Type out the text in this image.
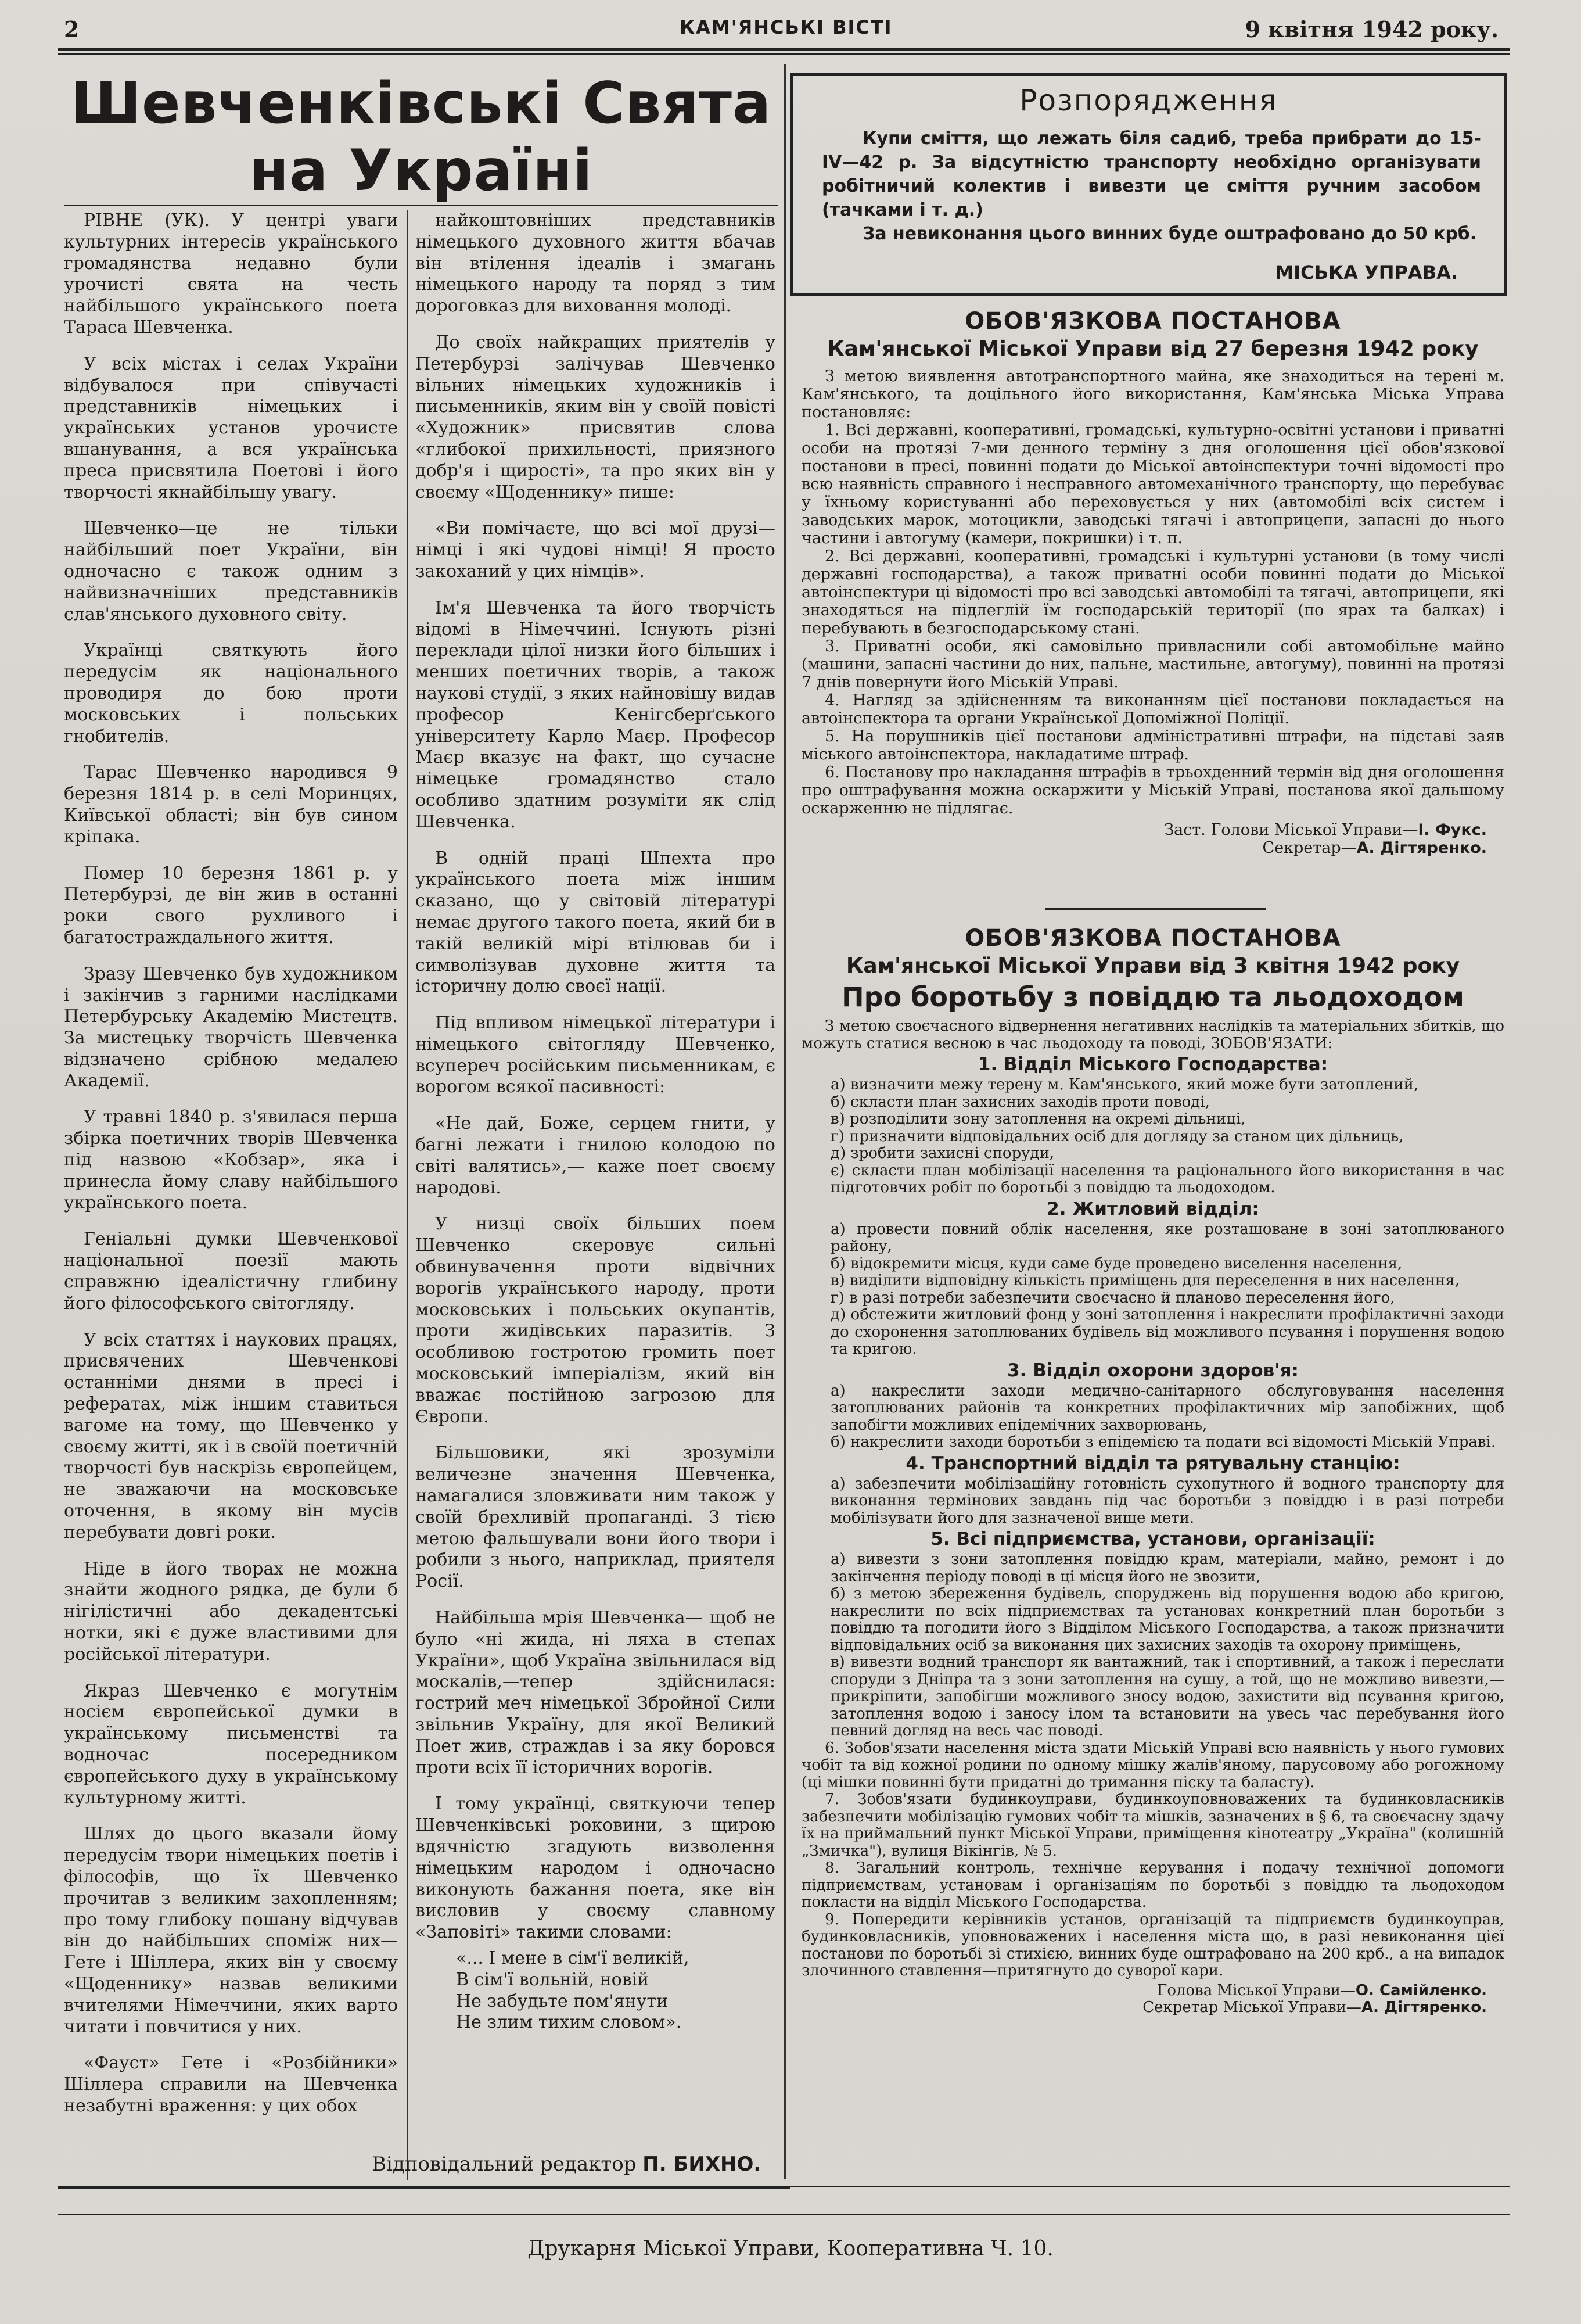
2	КАМ'ЯНСЬКІ ВІСТІ	9 квітня 1942 року.
Шевченківські Свята
на Україні

РІВНЕ (УК). У центрі уваги культурних інтересів українського громадянства недавно були урочисті свята на честь найбільшого українського поета Тараса Шевченка.

У всіх містах і селах України відбувалося при співучасті представників німецьких і українських установ урочисте вшанування, а вся українська преса присвятила Поетові і його творчості якнайбільшу увагу.

Шевченко—це не тільки найбільший поет України, він одночасно є також одним з найвизначніших представників слав'янського духовного світу.

Українці святкують його передусім як національного проводиря до бою проти московських і польських гнобителів.

Тарас Шевченко народився 9 березня 1814 р. в селі Моринцях, Київської області; він був сином кріпака.

Помер 10 березня 1861 р. у Петербурзі, де він жив в останні роки свого рухливого і багатостраждального життя.

Зразу Шевченко був художником і закінчив з гарними наслідками Петербурську Академію Мистецтв. За мистецьку творчість Шевченка відзначено срібною медалею Академії.

У травні 1840 р. з'явилася перша збірка поетичних творів Шевченка під назвою «Кобзар», яка і принесла йому славу найбільшого українського поета.

Геніальні думки Шевченкової національної поезії мають справжню ідеалістичну глибину його філософського світогляду.

У всіх статтях і наукових працях, присвячених Шевченкові останніми днями в пресі і рефератах, між іншим ставиться вагоме на тому, що Шевченко у своєму житті, як і в своїй поетичній творчості був наскрізь європейцем, не зважаючи на московське оточення, в якому він мусів перебувати довгі роки.

Ніде в його творах не можна знайти жодного рядка, де були б нігілістичні або декадентські нотки, які є дуже властивими для російської літератури.

Якраз Шевченко є могутнім носієм європейської думки в українському письменстві та водночас посередником європейського духу в українському культурному житті.

Шлях до цього вказали йому передусім твори німецьких поетів і філософів, що їх Шевченко прочитав з великим захопленням; про тому глибоку пошану відчував він до найбільших споміж них—Гете і Шіллера, яких він у своєму «Щоденнику» назвав великими вчителями Німеччини, яких варто читати і повчитися у них.

«Фауст» Гете і «Розбійники» Шіллера справили на Шевченка незабутні враження: у цих обох

найкоштовніших представників німецького духовного життя вбачав він втілення ідеалів і змагань німецького народу та поряд з тим дороговказ для виховання молоді.

До своїх найкращих приятелів у Петербурзі залічував Шевченко вільних німецьких художників і письменників, яким він у своїй повісті «Художник» присвятив слова «глибокої прихильності, приязного добр'я і щирості», та про яких він у своєму «Щоденнику» пише:

«Ви помічаєте, що всі мої друзі—німці і які чудові німці! Я просто закоханий у цих німців».

Ім'я Шевченка та його творчість відомі в Німеччині. Існують різні переклади цілої низки його більших і менших поетичних творів, а також наукові студії, з яких найновішу видав професор Кенігсберґського університету Карло Маєр. Професор Маєр вказує на факт, що сучасне німецьке громадянство стало особливо здатним розуміти як слід Шевченка.

В одній праці Шпехта про українського поета між іншим сказано, що у світовій літературі немає другого такого поета, який би в такій великій мірі втілював би і символізував духовне життя та історичну долю своєї нації.

Під впливом німецької літератури і німецького світогляду Шевченко, всупереч російським письменникам, є ворогом всякої пасивності:

«Не дай, Боже, серцем гнити, у багні лежати і гнилою колодою по світі валятись»,— каже поет своєму народові.

У низці своїх більших поем Шевченко скеровує сильні обвинувачення проти відвічних ворогів українського народу, проти московських і польських окупантів, проти жидівських паразитів. З особливою гостротою громить поет московський імперіалізм, який він вважає постійною загрозою для Європи.

Більшовики, які зрозуміли величезне значення Шевченка, намагалися зловживати ним також у своїй брехливій пропаганді. З тією метою фальшували вони його твори і робили з нього, наприклад, приятеля Росії.

Найбільша мрія Шевченка— щоб не було «ні жида, ні ляха в степах України», щоб Україна звільнилася від москалів,—тепер здійснилася: гострий меч німецької Збройної Сили звільнив Україну, для якої Великий Поет жив, страждав і за яку боровся проти всіх її історичних ворогів.

І тому українці, святкуючи тепер Шевченківські роковини, з щирою вдячністю згадують визволення німецьким народом і одночасно виконують бажання поета, яке він висловив у своєму славному «Заповіті» такими словами:

«... І мене в сім'ї великій,

В сім'ї вольній, новій

Не забудьте пом'янути

Не злим тихим словом».

Розпорядження

Купи сміття, що лежать біля садиб, треба прибрати до 15-IV—42 р. За відсутністю транспорту необхідно організувати робітничий колектив і вивезти це сміття ручним засобом (тачками і т. д.)

За невиконання цього винних буде оштрафовано до 50 крб.

МІСЬКА УПРАВА.
ОБОВ'ЯЗКОВА ПОСТАНОВА
Кам'янської Міської Управи від 27 березня 1942 року

З метою виявлення автотранспортного майна, яке знаходиться на терені м. Кам'янського, та доцільного його використання, Кам'янська Міська Управа постановляє:

1. Всі державні, кооперативні, громадські, культурно-освітні установи і приватні особи на протязі 7-ми денного терміну з дня оголошення цієї обов'язкової постанови в пресі, повинні подати до Міської автоінспектури точні відомості про всю наявність справного і несправного автомеханічного транспорту, що перебуває у їхньому користуванні або переховується у них (автомобілі всіх систем і заводських марок, мотоцикли, заводські тягачі і автоприцепи, запасні до нього частини і автогуму (камери, покришки) і т. п.

2. Всі державні, кооперативні, громадські і культурні установи (в тому числі державні господарства), а також приватні особи повинні подати до Міської автоінспектури ці відомості про всі заводські автомобілі та тягачі, автоприцепи, які знаходяться на підлеглій їм господарській території (по ярах та балках) і перебувають в безгосподарському стані.

3. Приватні особи, які самовільно привласнили собі автомобільне майно (машини, запасні частини до них, пальне, мастильне, автогуму), повинні на протязі 7 днів повернути його Міській Управі.

4. Нагляд за здійсненням та виконанням цієї постанови покладається на автоінспектора та органи Української Допоміжної Поліції.

5. На порушників цієї постанови адміністративні штрафи, на підставі заяв міського автоінспектора, накладатиме штраф.

6. Постанову про накладання штрафів в трьохденний термін від дня оголошення про оштрафування можна оскаржити у Міській Управі, постанова якої дальшому оскарженню не підлягає.

Заст. Голови Міської Управи—І. Фукс.

Секретар—А. Дігтяренко.

ОБОВ'ЯЗКОВА ПОСТАНОВА
Кам'янської Міської Управи від 3 квітня 1942 року
Про боротьбу з повіддю та льодоходом

З метою своєчасного відвернення негативних наслідків та матеріальних збитків, що можуть статися весною в час льодоходу та поводі, ЗОБОВ'ЯЗАТИ:

1. Відділ Міського Господарства:

а) визначити межу терену м. Кам'янського, який може бути затоплений,

б) скласти план захисних заходів проти поводі,

в) розподілити зону затоплення на окремі дільниці,

г) призначити відповідальних осіб для догляду за станом цих дільниць,

д) зробити захисні споруди,

є) скласти план мобілізації населення та раціонального його використання в час підготовчих робіт по боротьбі з повіддю та льодоходом.

2. Житловий відділ:

а) провести повний облік населення, яке розташоване в зоні затоплюваного району,

б) відокремити місця, куди саме буде проведено виселення населення,

в) виділити відповідну кількість приміщень для переселення в них населення,

г) в разі потреби забезпечити своєчасно й планово переселення його,

д) обстежити житловий фонд у зоні затоплення і накреслити профілактичні заходи до схоронення затоплюваних будівель від можливого псування і порушення водою та кригою.

3. Відділ охорони здоров'я:

а) накреслити заходи медично-санітарного обслуговування населення затоплюваних районів та конкретних профілактичних мір запобіжних, щоб запобігти можливих епідемічних захворювань,

б) накреслити заходи боротьби з епідемією та подати всі відомості Міській Управі.

4. Транспортний відділ та рятувальну станцію:

а) забезпечити мобілізаційну готовність сухопутного й водного транспорту для виконання термінових завдань під час боротьби з повіддю і в разі потреби мобілізувати його для зазначеної вище мети.

5. Всі підприємства, установи, організації:

а) вивезти з зони затоплення повіддю крам, матеріали, майно, ремонт і до закінчення періоду поводі в ці місця його не звозити,

б) з метою збереження будівель, споруджень від порушення водою або кригою, накреслити по всіх підприємствах та установах конкретний план боротьби з повіддю та погодити його з Відділом Міського Господарства, а також призначити відповідальних осіб за виконання цих захисних заходів та охорону приміщень,

в) вивезти водний транспорт як вантажний, так і спортивний, а також і переслати споруди з Дніпра та з зони затоплення на сушу, а той, що не можливо вивезти,—прикріпити, запобігши можливого зносу водою, захистити від псування кригою, затоплення водою і заносу ілом та встановити на увесь час перебування його певний догляд на весь час поводі.

6. Зобов'язати населення міста здати Міській Управі всю наявність у нього гумових чобіт та від кожної родини по одному мішку жалів'яному, парусовому або рогожному (ці мішки повинні бути придатні до тримання піску та баласту).

7. Зобов'язати будинкоуправи, будинкоуповноважених та будинковласників забезпечити мобілізацію гумових чобіт та мішків, зазначених в § 6, та своєчасну здачу їх на приймальний пункт Міської Управи, приміщення кінотеатру „Україна" (колишній „Змичка"), вулиця Вікінгів, № 5.

8. Загальний контроль, технічне керування і подачу технічної допомоги підприємствам, установам і організаціям по боротьбі з повіддю та льодоходом покласти на відділ Міського Господарства.

9. Попередити керівників установ, організацій та підприємств будинкоуправ, будинковласників, уповноважених і населення міста що, в разі невиконання цієї постанови по боротьбі зі стихією, винних буде оштрафовано на 200 крб., а на випадок злочинного ставлення—притягнуто до суворої кари.

Голова Міської Управи—О. Самійленко.

Секретар Міської Управи—А. Дігтяренко.

Відповідальний редактор П. БИХНО.
Друкарня Міської Управи, Кооперативна Ч. 10.
